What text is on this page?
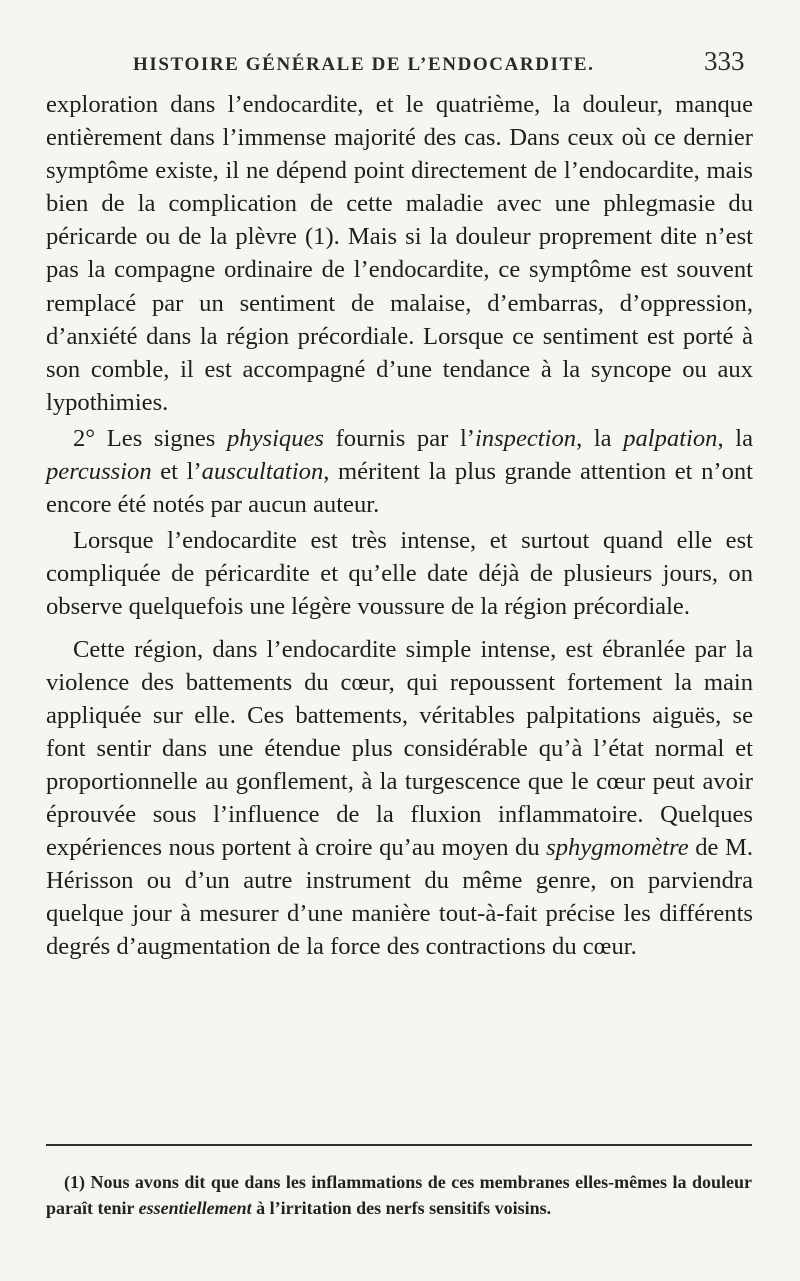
HISTOIRE GÉNÉRALE DE L’ENDOCARDITE.	333

exploration dans l’endocardite, et le quatrième, la douleur, manque entièrement dans l’immense majorité des cas. Dans ceux où ce dernier symptôme existe, il ne dépend point directement de l’endocardite, mais bien de la complication de cette maladie avec une phlegmasie du péricarde ou de la plèvre (1). Mais si la douleur proprement dite n’est pas la compagne ordinaire de l’endocardite, ce symptôme est souvent remplacé par un sentiment de malaise, d’embarras, d’oppression, d’anxiété dans la région précordiale. Lorsque ce sentiment est porté à son comble, il est accompagné d’une tendance à la syncope ou aux lypothimies.

2° Les signes physiques fournis par l’inspection, la palpation, la percussion et l’auscultation, méritent la plus grande attention et n’ont encore été notés par aucun auteur.

Lorsque l’endocardite est très intense, et surtout quand elle est compliquée de péricardite et qu’elle date déjà de plusieurs jours, on observe quelquefois une légère voussure de la région précordiale.

Cette région, dans l’endocardite simple intense, est ébranlée par la violence des battements du cœur, qui repoussent fortement la main appliquée sur elle. Ces battements, véritables palpitations aiguës, se font sentir dans une étendue plus considérable qu’à l’état normal et proportionnelle au gonflement, à la turgescence que le cœur peut avoir éprouvée sous l’influence de la fluxion inflammatoire. Quelques expériences nous portent à croire qu’au moyen du sphygmomètre de M. Hérisson ou d’un autre instrument du même genre, on parviendra quelque jour à mesurer d’une manière tout-à-fait précise les différents degrés d’augmentation de la force des contractions du cœur.

(1) Nous avons dit que dans les inflammations de ces membranes elles-mêmes la douleur paraît tenir essentiellement à l’irritation des nerfs sensitifs voisins.
